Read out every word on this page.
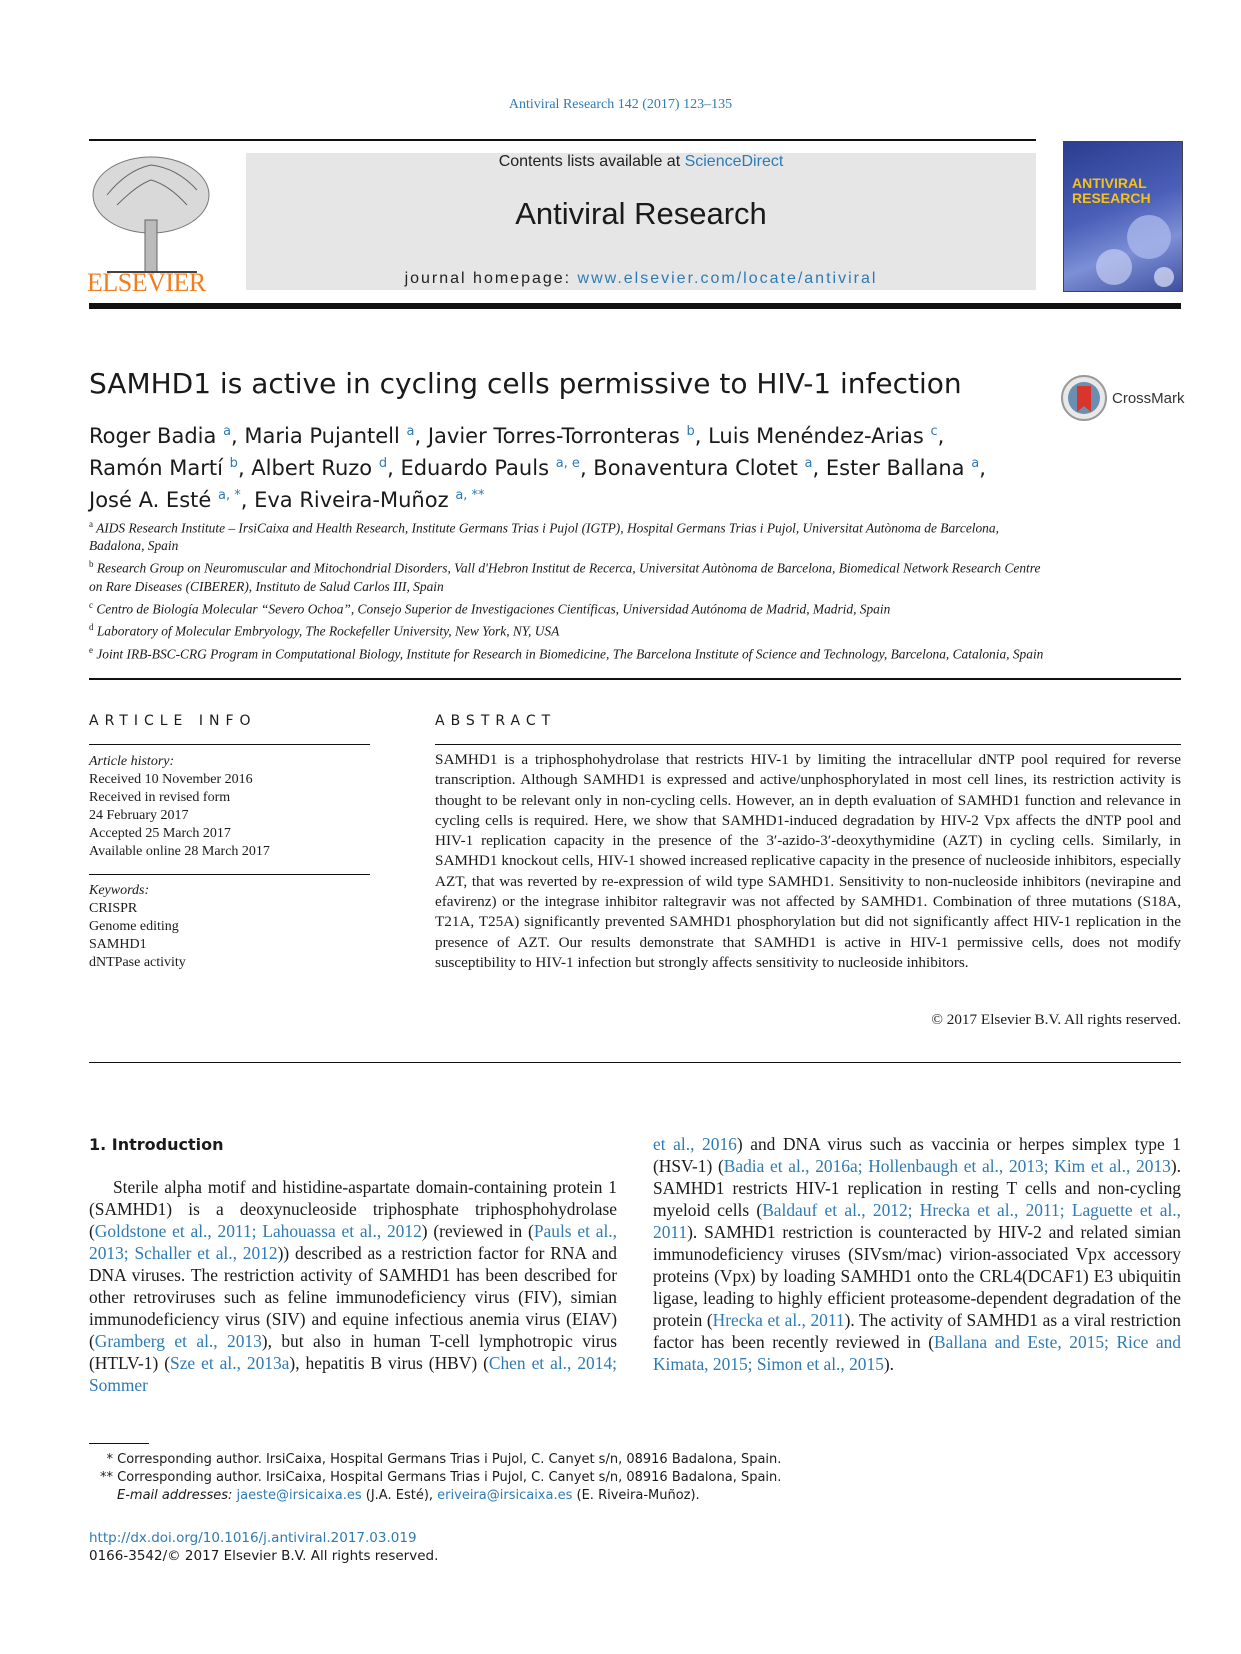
Antiviral Research 142 (2017) 123–135
ELSEVIER
Contents lists available at ScienceDirect
Antiviral Research
journal homepage: www.elsevier.com/locate/antiviral
ANTIVIRAL RESEARCH
SAMHD1 is active in cycling cells permissive to HIV-1 infection	CrossMark
Roger Badia $^a$, Maria Pujantell $^a$, Javier Torres-Torronteras $^b$, Luis Menéndez-Arias $^c$,
Ramón Martí $^b$, Albert Ruzo $^d$, Eduardo Pauls $^{a, e}$, Bonaventura Clotet $^a$, Ester Ballana $^a$,
José A. Esté $^{a, *}$, Eva Riveira-Muñoz $^{a, **}$
$^a$ AIDS Research Institute – IrsiCaixa and Health Research, Institute Germans Trias i Pujol (IGTP), Hospital Germans Trias i Pujol, Universitat Autònoma de Barcelona, Badalona, Spain
$^b$ Research Group on Neuromuscular and Mitochondrial Disorders, Vall d'Hebron Institut de Recerca, Universitat Autònoma de Barcelona, Biomedical Network Research Centre on Rare Diseases (CIBERER), Instituto de Salud Carlos III, Spain
$^c$ Centro de Biología Molecular “Severo Ochoa”, Consejo Superior de Investigaciones Científicas, Universidad Autónoma de Madrid, Madrid, Spain
$^d$ Laboratory of Molecular Embryology, The Rockefeller University, New York, NY, USA
$^e$ Joint IRB-BSC-CRG Program in Computational Biology, Institute for Research in Biomedicine, The Barcelona Institute of Science and Technology, Barcelona, Catalonia, Spain
ARTICLE INFO
Article history:
Received 10 November 2016
Received in revised form
24 February 2017
Accepted 25 March 2017
Available online 28 March 2017
Keywords:
CRISPR
Genome editing
SAMHD1
dNTPase activity
ABSTRACT
SAMHD1 is a triphosphohydrolase that restricts HIV-1 by limiting the intracellular dNTP pool required for reverse transcription. Although SAMHD1 is expressed and active/unphosphorylated in most cell lines, its restriction activity is thought to be relevant only in non-cycling cells. However, an in depth evaluation of SAMHD1 function and relevance in cycling cells is required. Here, we show that SAMHD1-induced degradation by HIV-2 Vpx affects the dNTP pool and HIV-1 replication capacity in the presence of the 3′-azido-3′-deoxythymidine (AZT) in cycling cells. Similarly, in SAMHD1 knockout cells, HIV-1 showed increased replicative capacity in the presence of nucleoside inhibitors, especially AZT, that was reverted by re-expression of wild type SAMHD1. Sensitivity to non-nucleoside inhibitors (nevirapine and efavirenz) or the integrase inhibitor raltegravir was not affected by SAMHD1. Combination of three mutations (S18A, T21A, T25A) significantly prevented SAMHD1 phosphorylation but did not significantly affect HIV-1 replication in the presence of AZT. Our results demonstrate that SAMHD1 is active in HIV-1 permissive cells, does not modify susceptibility to HIV-1 infection but strongly affects sensitivity to nucleoside inhibitors.
© 2017 Elsevier B.V. All rights reserved.
1. Introduction
Sterile alpha motif and histidine-aspartate domain-containing protein 1 (SAMHD1) is a deoxynucleoside triphosphate triphosphohydrolase (Goldstone et al., 2011; Lahouassa et al., 2012) (reviewed in (Pauls et al., 2013; Schaller et al., 2012)) described as a restriction factor for RNA and DNA viruses. The restriction activity of SAMHD1 has been described for other retroviruses such as feline immunodeficiency virus (FIV), simian immunodeficiency virus (SIV) and equine infectious anemia virus (EIAV) (Gramberg et al., 2013), but also in human T-cell lymphotropic virus (HTLV-1) (Sze et al., 2013a), hepatitis B virus (HBV) (Chen et al., 2014; Sommer
et al., 2016) and DNA virus such as vaccinia or herpes simplex type 1 (HSV-1) (Badia et al., 2016a; Hollenbaugh et al., 2013; Kim et al., 2013). SAMHD1 restricts HIV-1 replication in resting T cells and non-cycling myeloid cells (Baldauf et al., 2012; Hrecka et al., 2011; Laguette et al., 2011). SAMHD1 restriction is counteracted by HIV-2 and related simian immunodeficiency viruses (SIVsm/mac) virion-associated Vpx accessory proteins (Vpx) by loading SAMHD1 onto the CRL4(DCAF1) E3 ubiquitin ligase, leading to highly efficient proteasome-dependent degradation of the protein (Hrecka et al., 2011). The activity of SAMHD1 as a viral restriction factor has been recently reviewed in (Ballana and Este, 2015; Rice and Kimata, 2015; Simon et al., 2015).
* Corresponding author. IrsiCaixa, Hospital Germans Trias i Pujol, C. Canyet s/n, 08916 Badalona, Spain.
** Corresponding author. IrsiCaixa, Hospital Germans Trias i Pujol, C. Canyet s/n, 08916 Badalona, Spain.
E-mail addresses: jaeste@irsicaixa.es (J.A. Esté), eriveira@irsicaixa.es (E. Riveira-Muñoz).
http://dx.doi.org/10.1016/j.antiviral.2017.03.019
0166-3542/© 2017 Elsevier B.V. All rights reserved.
